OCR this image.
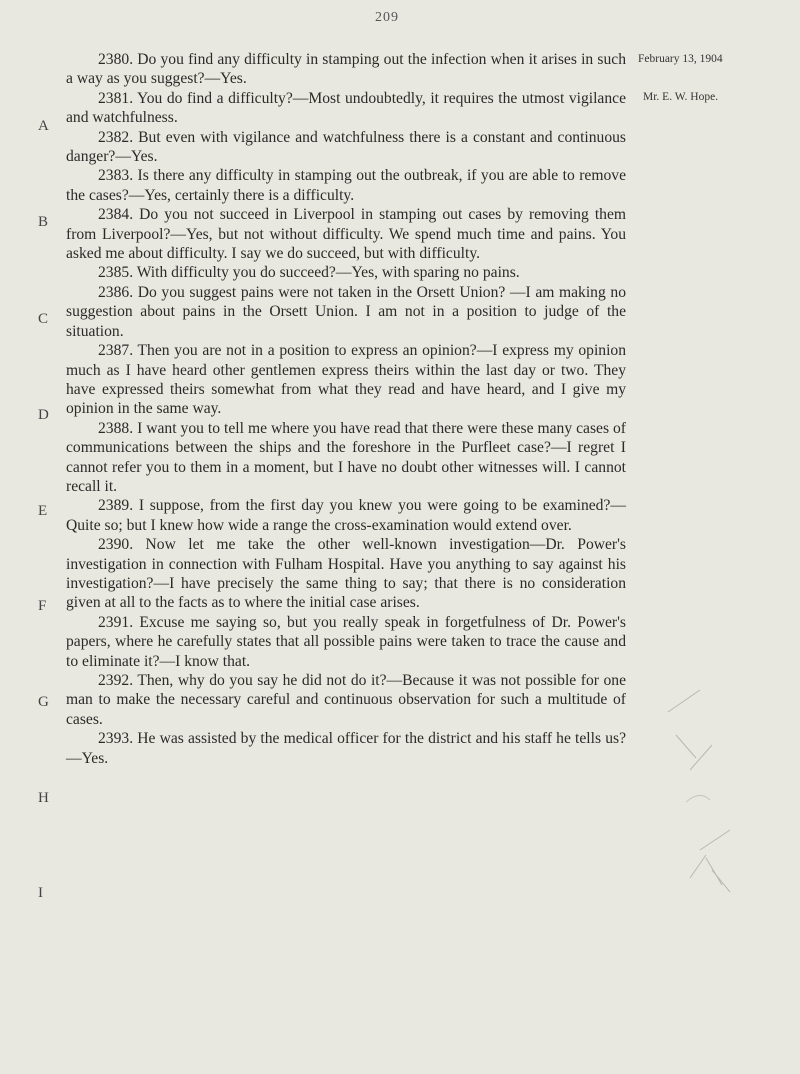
209
February 13, 1904
Mr. E. W. Hope.
A
B
C
D
E
F
G
H
I

2380. Do you find any difficulty in stamping out the infection when it arises in such a way as you suggest?—Yes.

2381. You do find a difficulty?—Most undoubtedly, it requires the utmost vigilance and watchfulness.

2382. But even with vigilance and watchfulness there is a constant and continuous danger?—Yes.

2383. Is there any difficulty in stamping out the outbreak, if you are able to remove the cases?—Yes, certainly there is a difficulty.

2384. Do you not succeed in Liverpool in stamping out cases by removing them from Liverpool?—Yes, but not without difficulty. We spend much time and pains. You asked me about difficulty. I say we do succeed, but with difficulty.

2385. With difficulty you do succeed?—Yes, with sparing no pains.

2386. Do you suggest pains were not taken in the Orsett Union? —I am making no suggestion about pains in the Orsett Union. I am not in a position to judge of the situation.

2387. Then you are not in a position to express an opinion?—I express my opinion much as I have heard other gentlemen express theirs within the last day or two. They have expressed theirs somewhat from what they read and have heard, and I give my opinion in the same way.

2388. I want you to tell me where you have read that there were these many cases of communications between the ships and the foreshore in the Purfleet case?—I regret I cannot refer you to them in a moment, but I have no doubt other witnesses will. I cannot recall it.

2389. I suppose, from the first day you knew you were going to be examined?—Quite so; but I knew how wide a range the cross-examination would extend over.

2390. Now let me take the other well-known investigation—Dr. Power's investigation in connection with Fulham Hospital. Have you anything to say against his investigation?—I have precisely the same thing to say; that there is no consideration given at all to the facts as to where the initial case arises.

2391. Excuse me saying so, but you really speak in forgetfulness of Dr. Power's papers, where he carefully states that all possible pains were taken to trace the cause and to eliminate it?—I know that.

2392. Then, why do you say he did not do it?—Because it was not possible for one man to make the necessary careful and continuous observation for such a multitude of cases.

2393. He was assisted by the medical officer for the district and his staff he tells us?—Yes.
